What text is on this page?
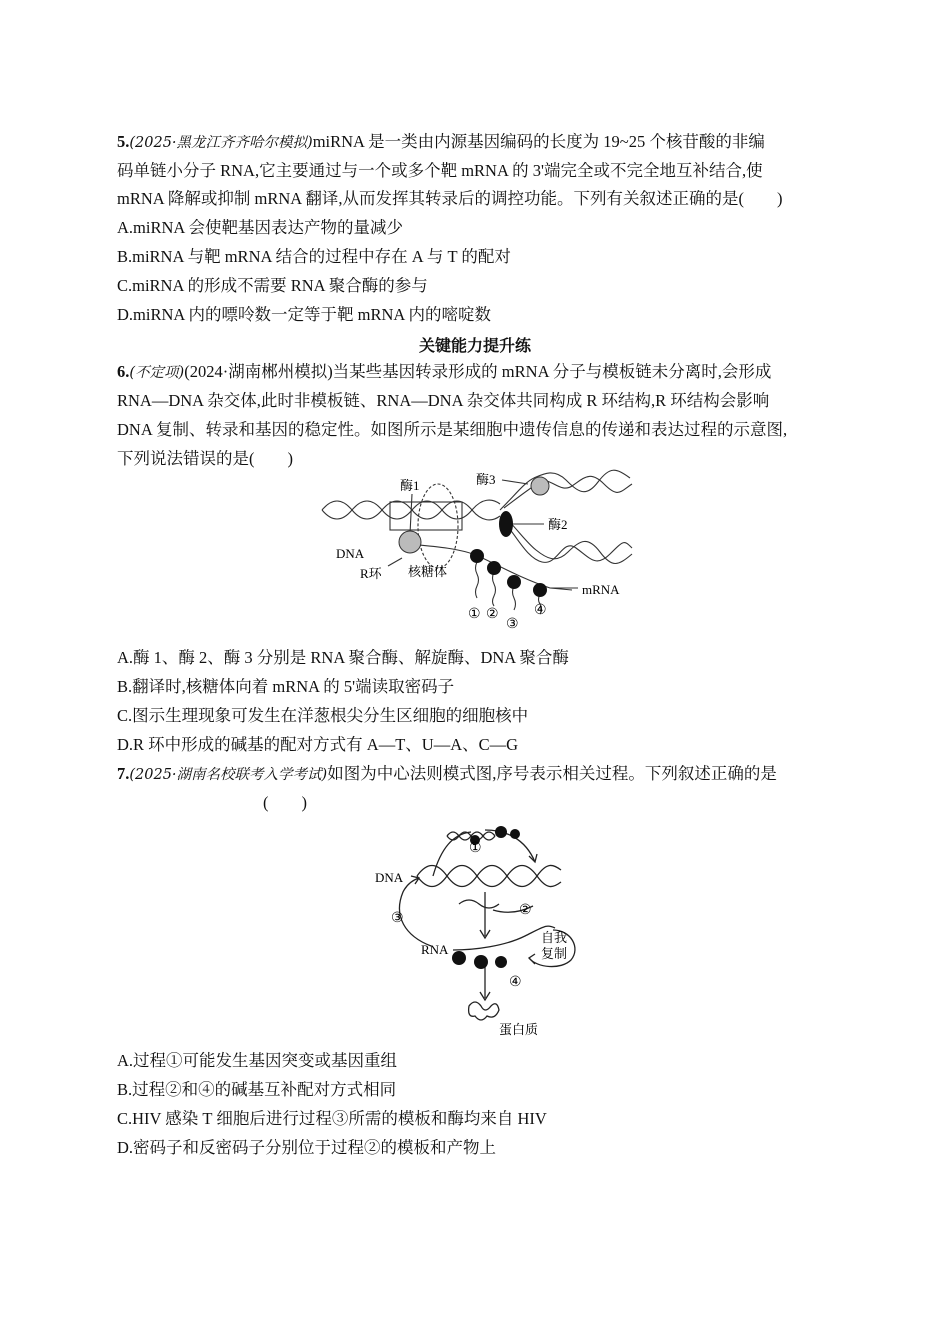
5.(2025·黑龙江齐齐哈尔模拟)miRNA 是一类由内源基因编码的长度为 19~25 个核苷酸的非编
码单链小分子 RNA,它主要通过与一个或多个靶 mRNA 的 3'端完全或不完全地互补结合,使
mRNA 降解或抑制 mRNA 翻译,从而发挥其转录后的调控功能。下列有关叙述正确的是(　　)
A.miRNA 会使靶基因表达产物的量减少
B.miRNA 与靶 mRNA 结合的过程中存在 A 与 T 的配对
C.miRNA 的形成不需要 RNA 聚合酶的参与
D.miRNA 内的嘌呤数一定等于靶 mRNA 内的嘧啶数
关键能力提升练
6.(不定项)(2024·湖南郴州模拟)当某些基因转录形成的 mRNA 分子与模板链未分离时,会形成
RNA—DNA 杂交体,此时非模板链、RNA—DNA 杂交体共同构成 R 环结构,R 环结构会影响
DNA 复制、转录和基因的稳定性。如图所示是某细胞中遗传信息的传递和表达过程的示意图,
下列说法错误的是(　　)
酶1	酶3
酶2
DNA
R环 核糖体
mRNA
① ②
③
④
A.酶 1、酶 2、酶 3 分别是 RNA 聚合酶、解旋酶、DNA 聚合酶
B.翻译时,核糖体向着 mRNA 的 5'端读取密码子
C.图示生理现象可发生在洋葱根尖分生区细胞的细胞核中
D.R 环中形成的碱基的配对方式有 A—T、U—A、C—G
7.(2025·湖南名校联考入学考试)如图为中心法则模式图,序号表示相关过程。下列叙述正确的是
(　　)
DNA
RNA
自我
复制
蛋白质
①
②
③
④
A.过程①可能发生基因突变或基因重组
B.过程②和④的碱基互补配对方式相同
C.HIV 感染 T 细胞后进行过程③所需的模板和酶均来自 HIV
D.密码子和反密码子分别位于过程②的模板和产物上
